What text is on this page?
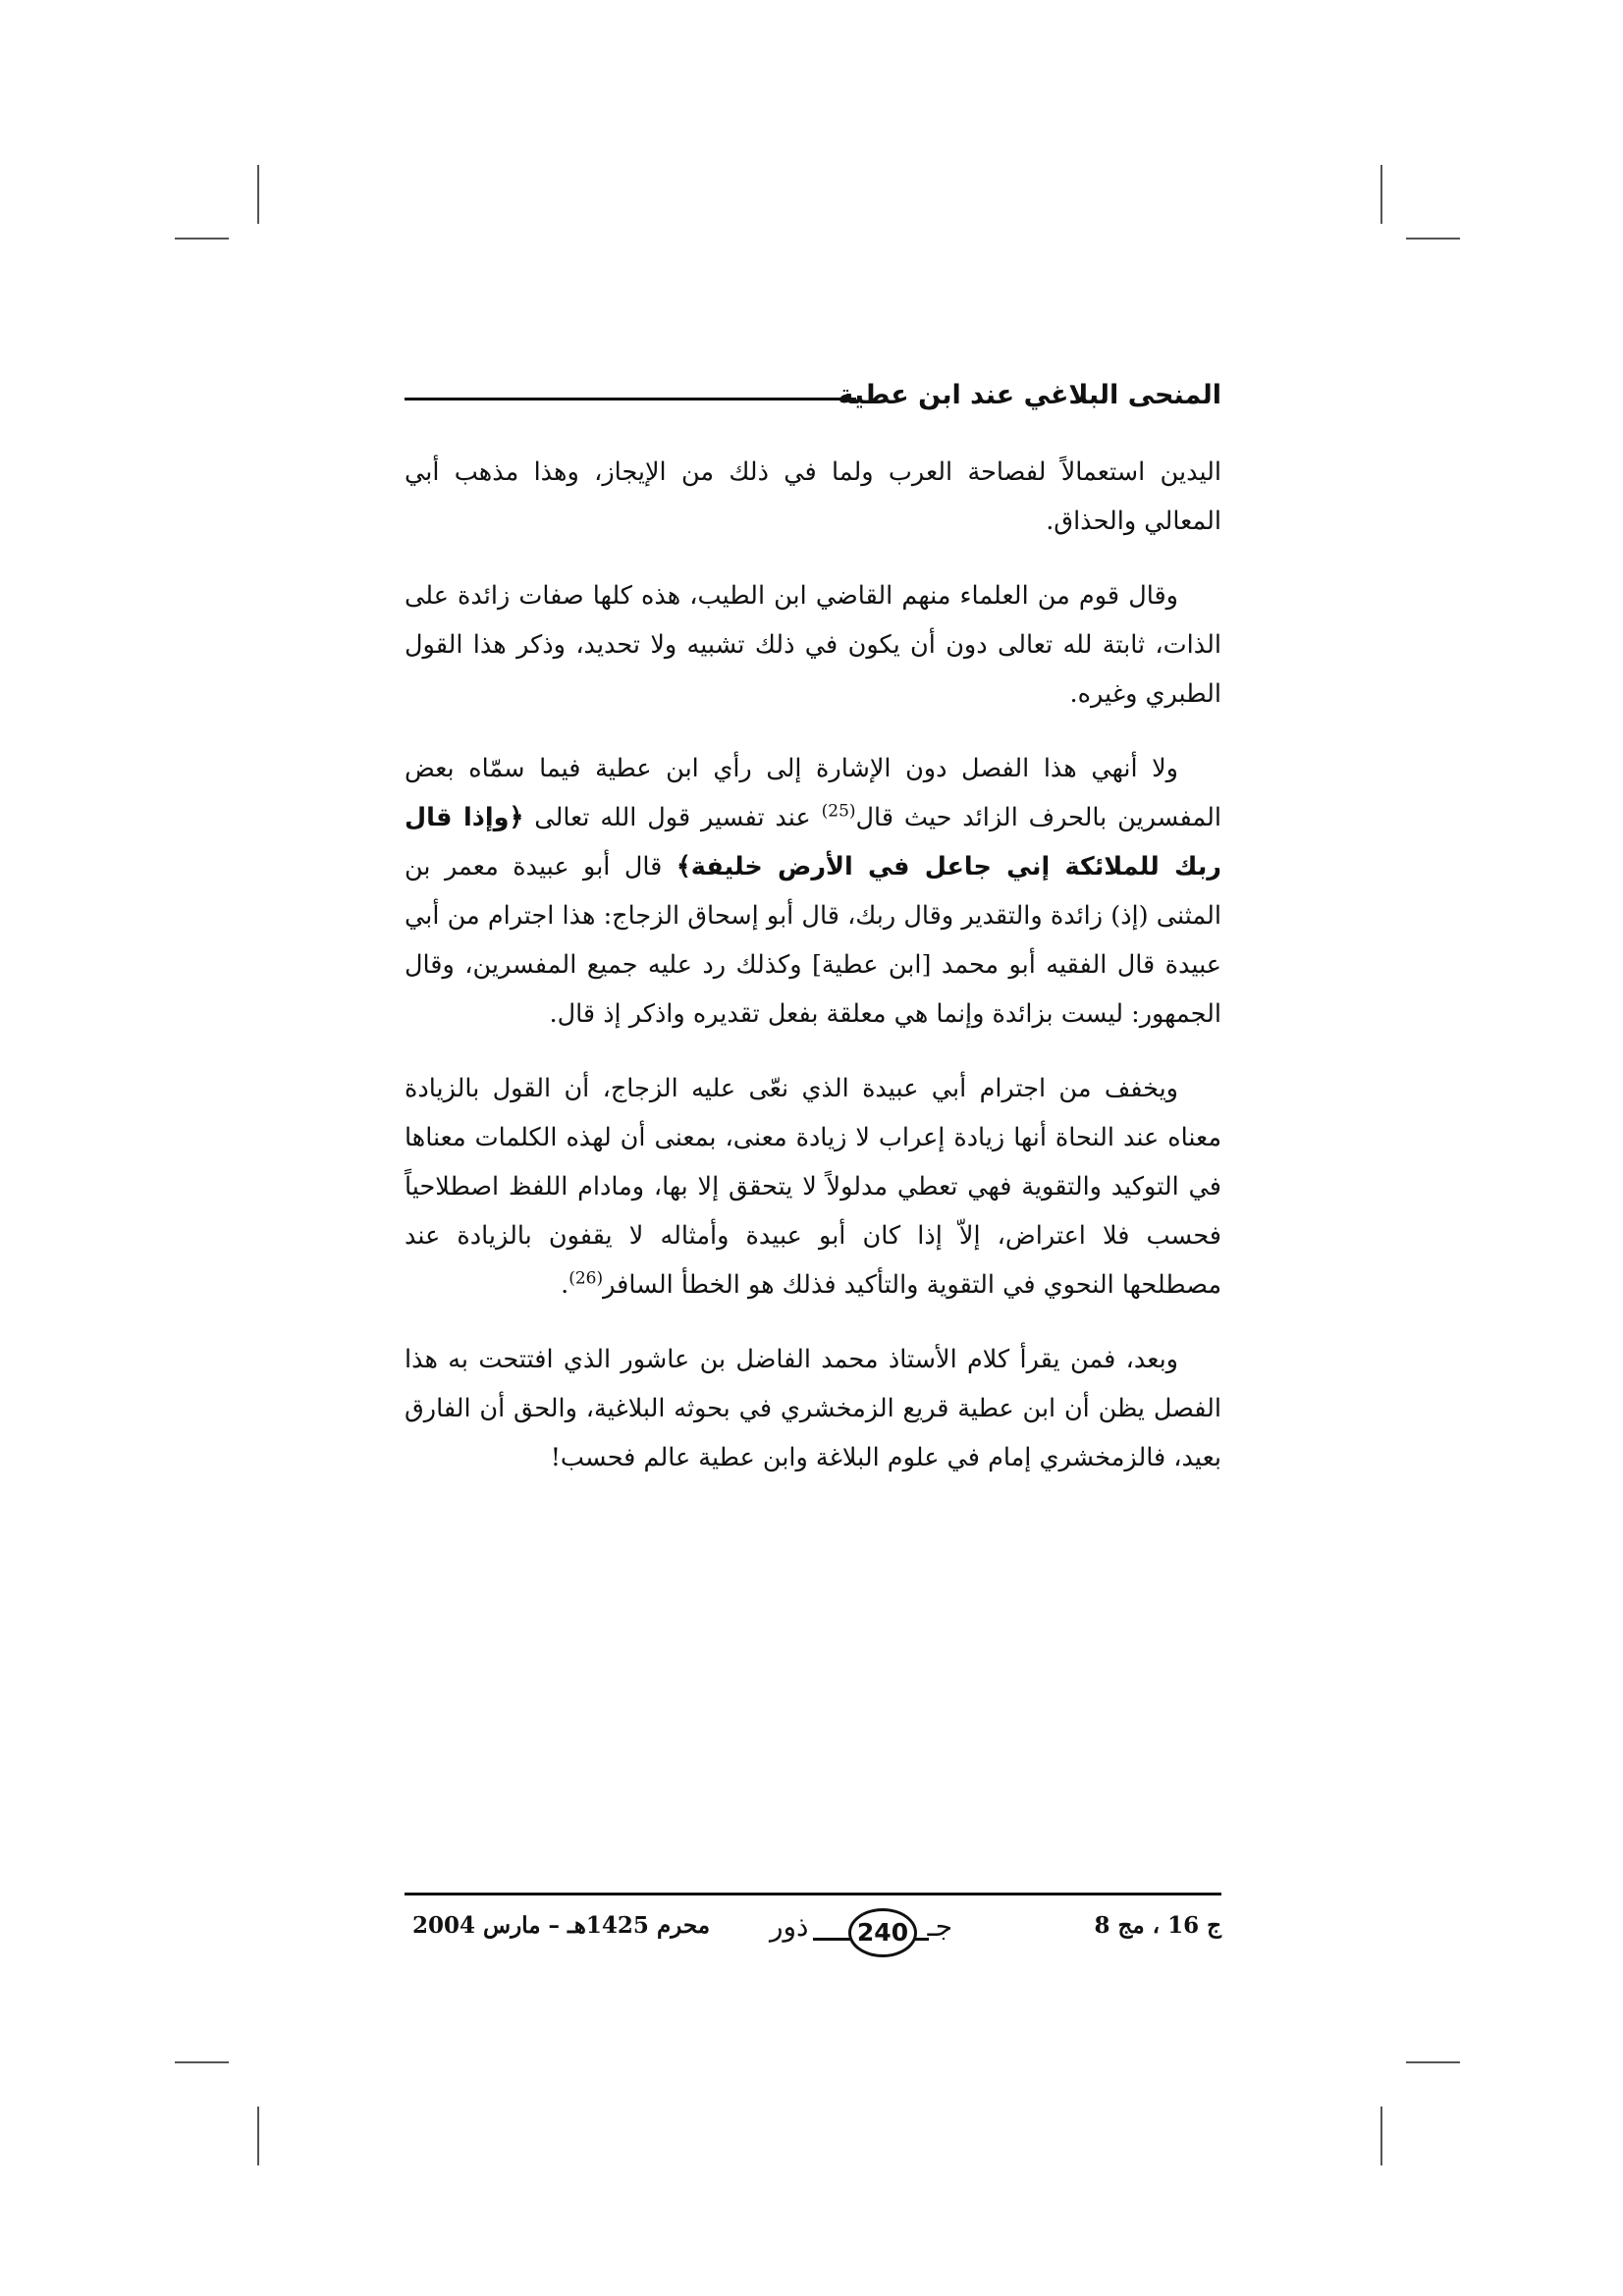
المنحى البلاغي عند ابن عطية

اليدين استعمالاً لفصاحة العرب ولما في ذلك من الإيجاز، وهذا مذهب أبي المعالي والحذاق.

وقال قوم من العلماء منهم القاضي ابن الطيب، هذه كلها صفات زائدة على الذات، ثابتة لله تعالى دون أن يكون في ذلك تشبيه ولا تحديد، وذكر هذا القول الطبري وغيره.

ولا أنهي هذا الفصل دون الإشارة إلى رأي ابن عطية فيما سمّاه بعض المفسرين بالحرف الزائد حيث قال$^{(25)}$ عند تفسير قول الله تعالى ﴿وإذا قال ربك للملائكة إني جاعل في الأرض خليفة﴾ قال أبو عبيدة معمر بن المثنى (إذ) زائدة والتقدير وقال ربك، قال أبو إسحاق الزجاج: هذا اجترام من أبي عبيدة قال الفقيه أبو محمد [ابن عطية] وكذلك رد عليه جميع المفسرين، وقال الجمهور: ليست بزائدة وإنما هي معلقة بفعل تقديره واذكر إذ قال.

ويخفف من اجترام أبي عبيدة الذي نعّى عليه الزجاج، أن القول بالزيادة معناه عند النحاة أنها زيادة إعراب لا زيادة معنى، بمعنى أن لهذه الكلمات معناها في التوكيد والتقوية فهي تعطي مدلولاً لا يتحقق إلا بها، ومادام اللفظ اصطلاحياً فحسب فلا اعتراض، إلاّ إذا كان أبو عبيدة وأمثاله لا يقفون بالزيادة عند مصطلحها النحوي في التقوية والتأكيد فذلك هو الخطأ السافر$^{(26)}$.

وبعد، فمن يقرأ كلام الأستاذ محمد الفاضل بن عاشور الذي افتتحت به هذا الفصل يظن أن ابن عطية قريع الزمخشري في بحوثه البلاغية، والحق أن الفارق بعيد، فالزمخشري إمام في علوم البلاغة وابن عطية عالم فحسب!

ج 16 ، مج 8
ذور	240 جـ
محرم 1425هـ – مارس 2004
